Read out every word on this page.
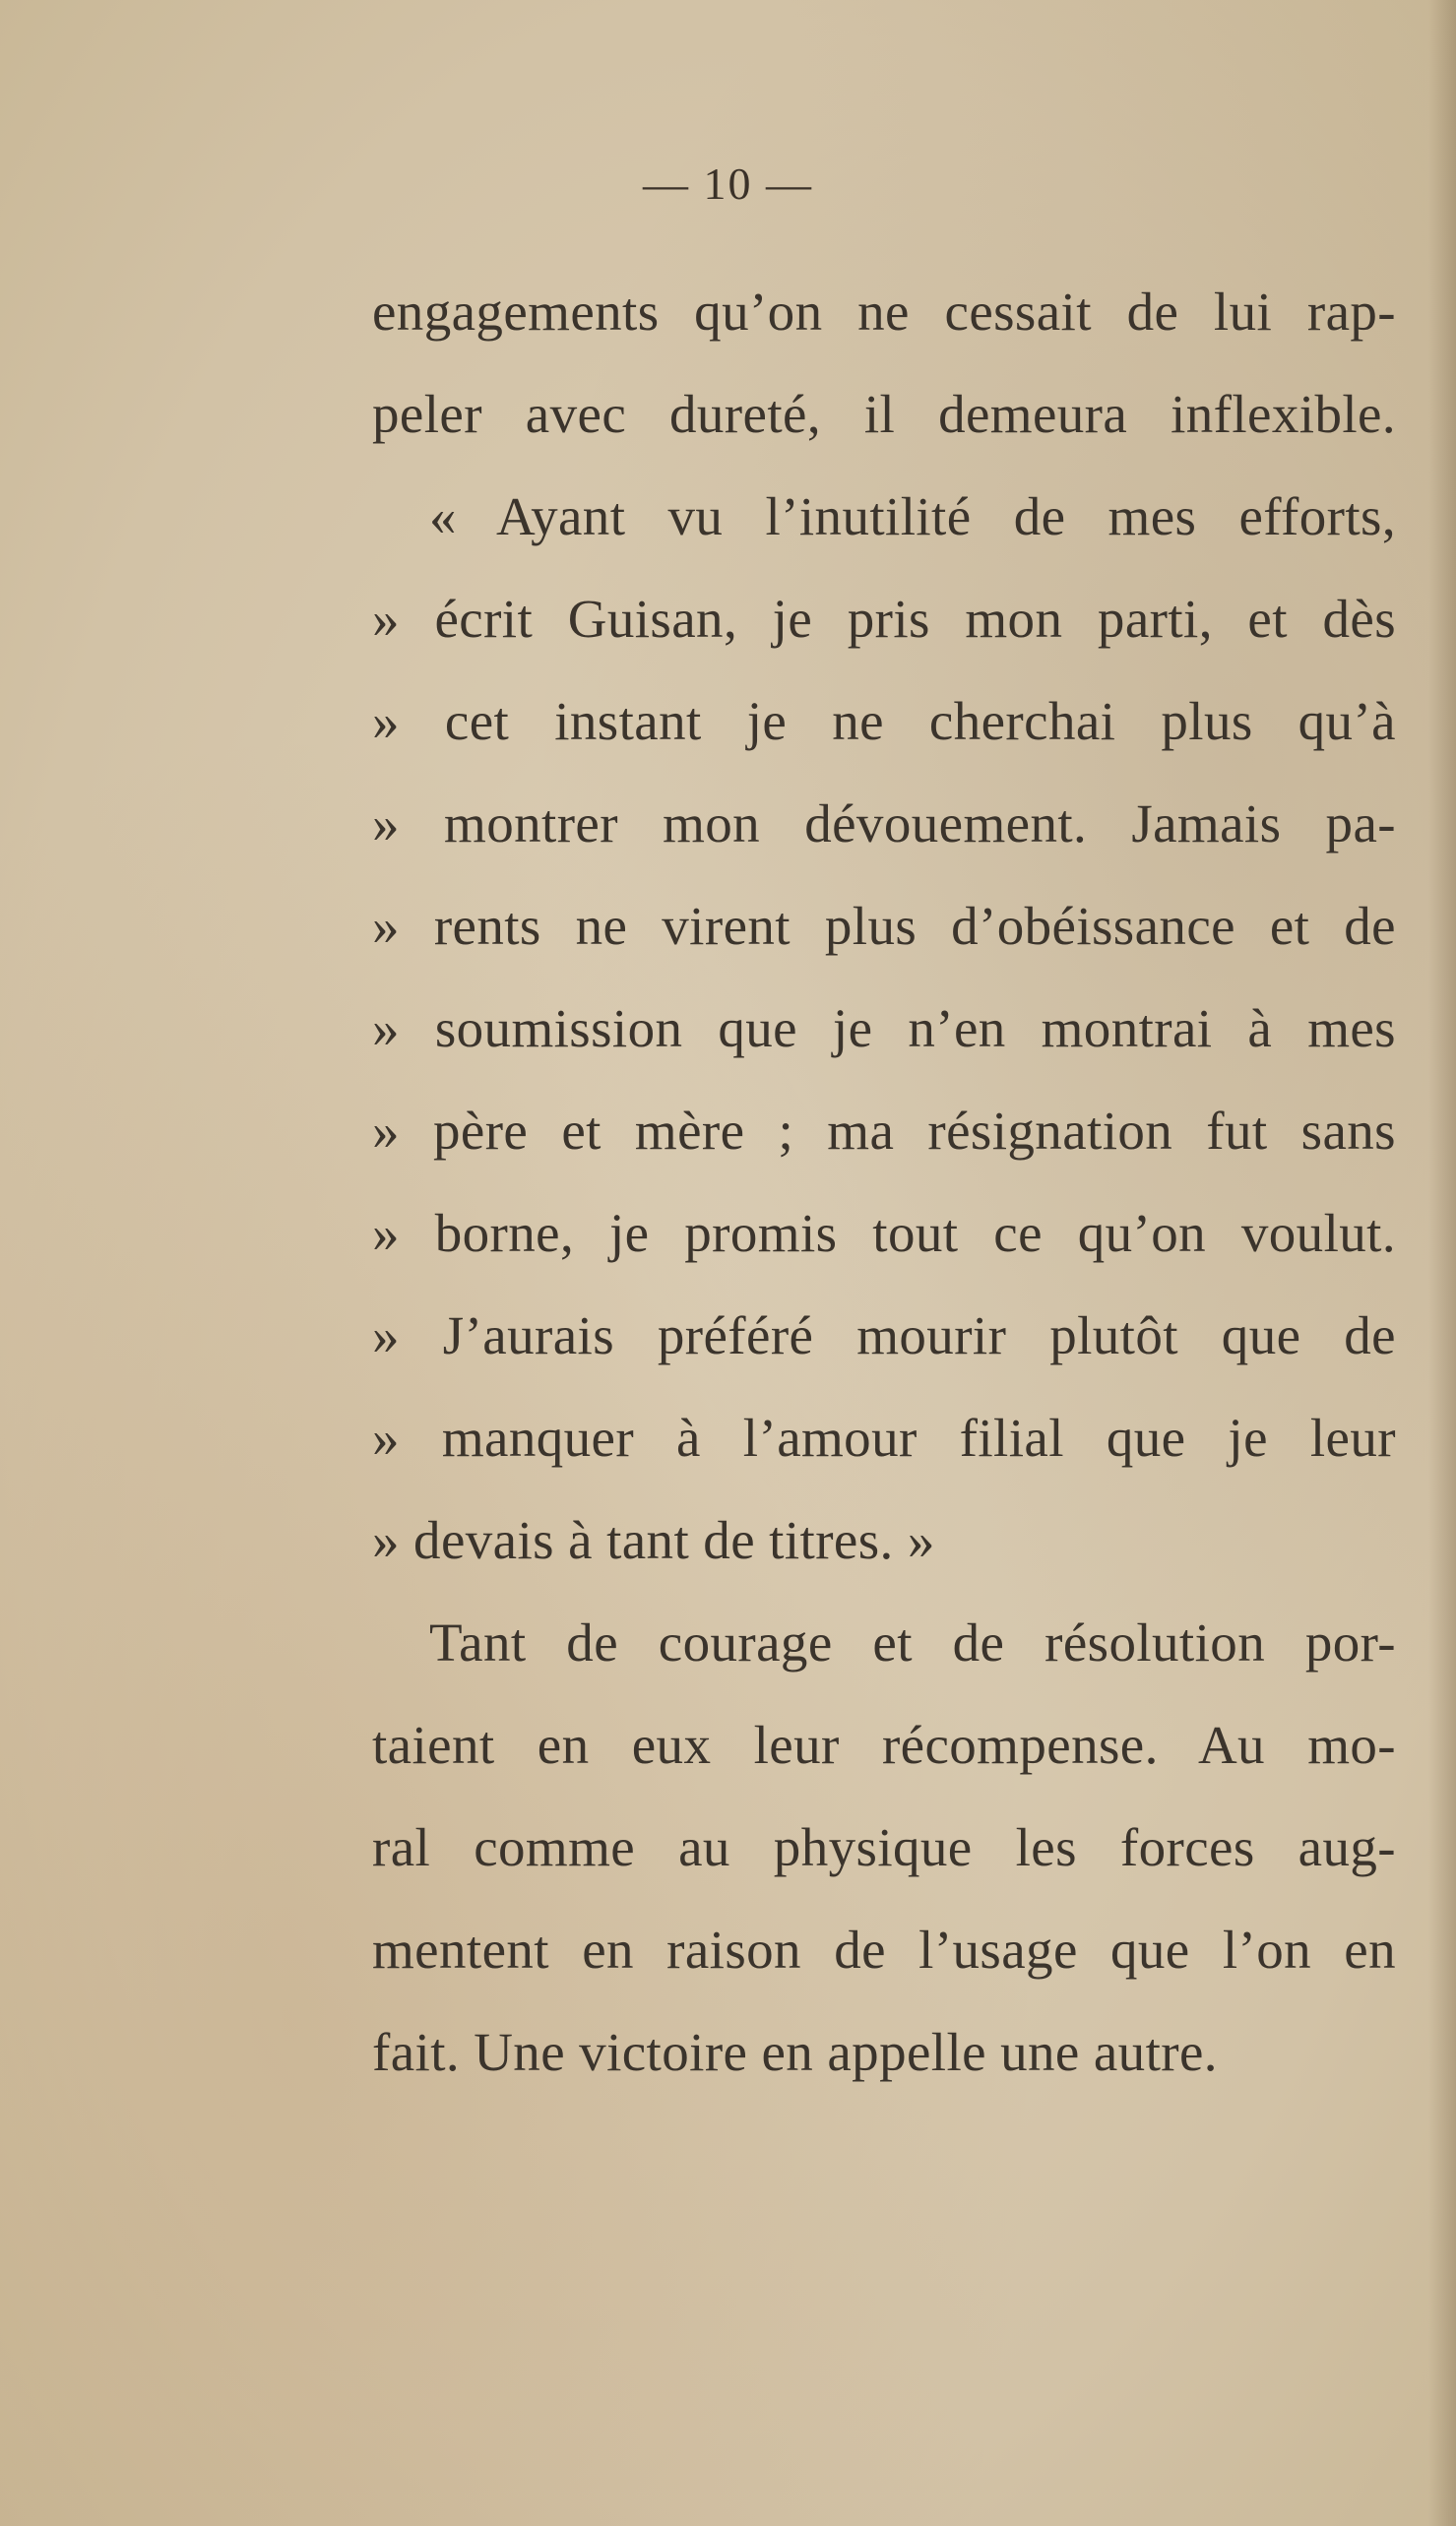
— 10 —
engagements qu’on ne cessait de lui rap-
peler avec dureté, il demeura inflexible.
« Ayant vu l’inutilité de mes efforts,
» écrit Guisan, je pris mon parti, et dès
» cet instant je ne cherchai plus qu’à
» montrer mon dévouement. Jamais pa-
» rents ne virent plus d’obéissance et de
» soumission que je n’en montrai à mes
» père et mère ; ma résignation fut sans
» borne, je promis tout ce qu’on voulut.
» J’aurais préféré mourir plutôt que de
» manquer à l’amour filial que je leur
» devais à tant de titres. »
Tant de courage et de résolution por-
taient en eux leur récompense. Au mo-
ral comme au physique les forces aug-
mentent en raison de l’usage que l’on en
fait. Une victoire en appelle une autre.
